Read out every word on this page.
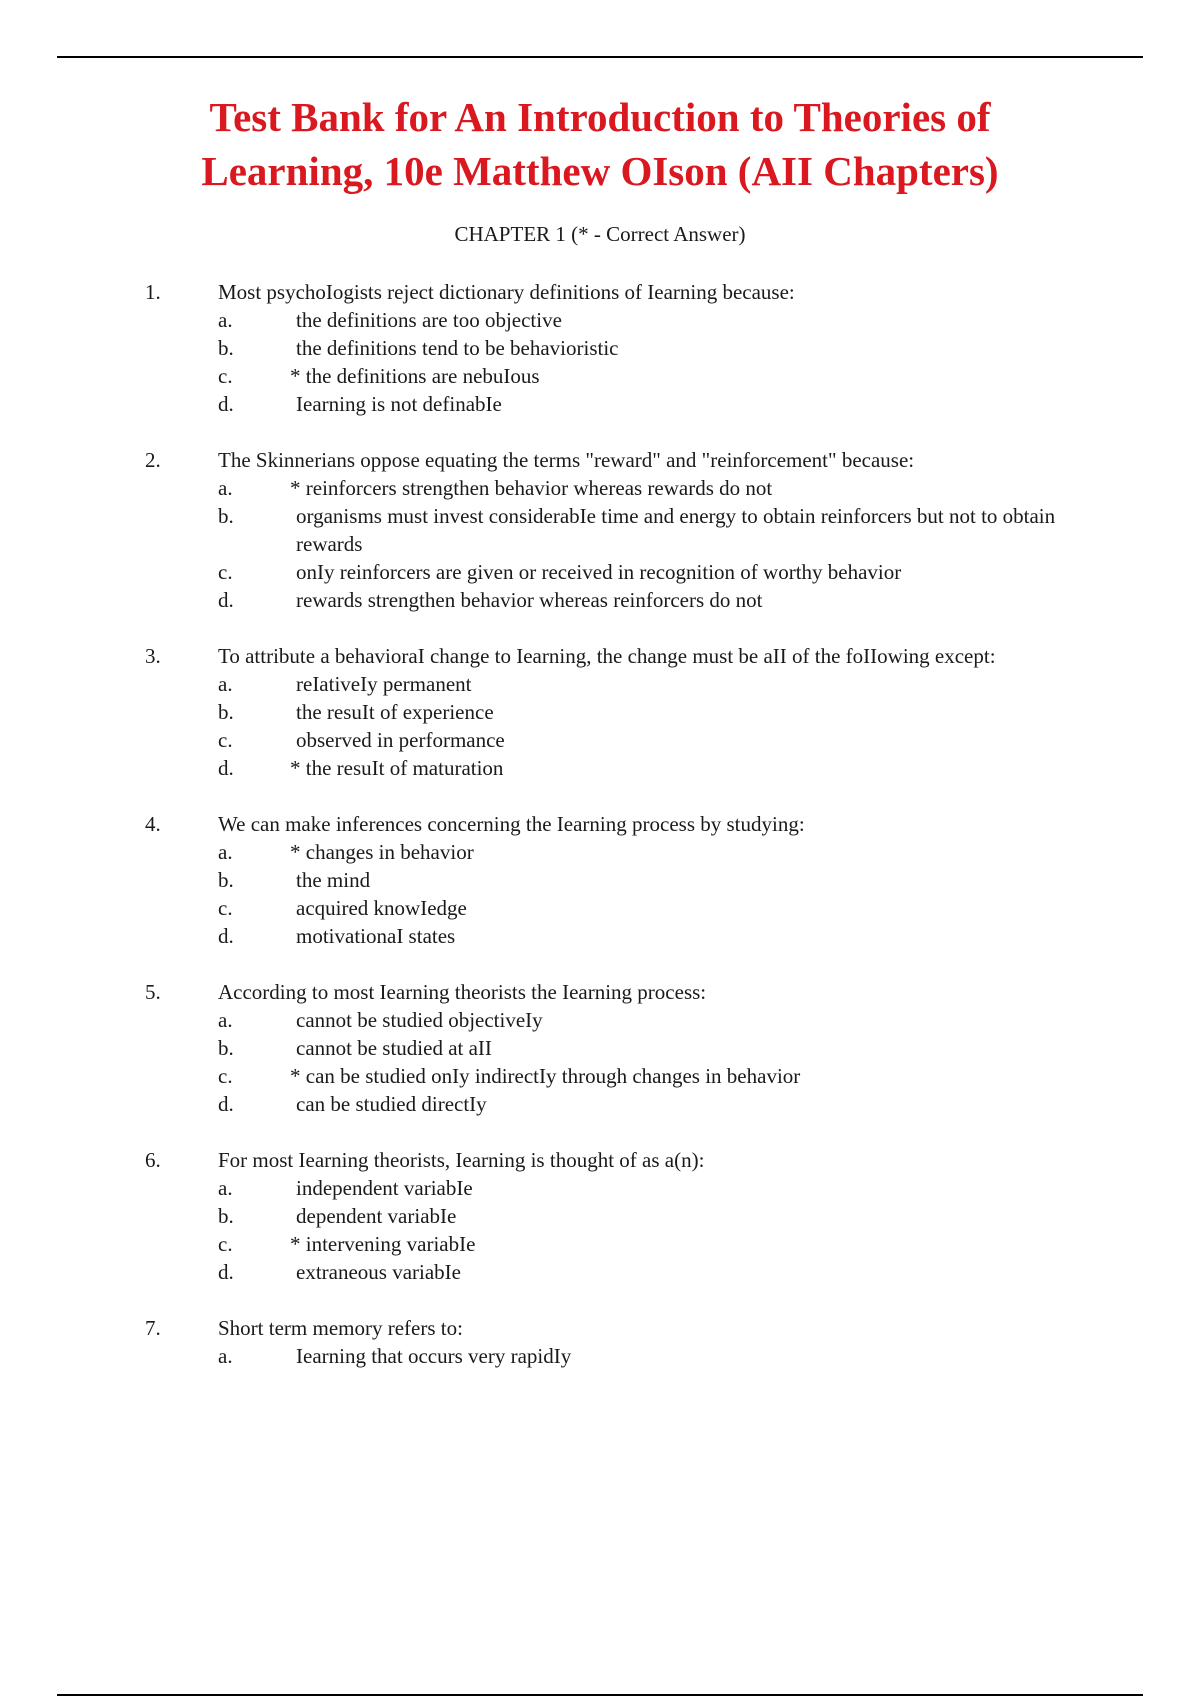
Test Bank for An Introduction to Theories of
Learning, 10e Matthew OIson (AII Chapters)
CHAPTER 1 (* - Correct Answer)
1.	Most psychoIogists reject dictionary definitions of Iearning because:
a.	the definitions are too objective
b.	the definitions tend to be behavioristic
c.	* the definitions are nebuIous
d.	Iearning is not definabIe
2.	The Skinnerians oppose equating the terms "reward" and "reinforcement" because:
a.	* reinforcers strengthen behavior whereas rewards do not
b.	organisms must invest considerabIe time and energy to obtain reinforcers but not to obtain rewards
c.	onIy reinforcers are given or received in recognition of worthy behavior
d.	rewards strengthen behavior whereas reinforcers do not
3.	To attribute a behavioraI change to Iearning, the change must be aII of the foIIowing except:
a.	reIativeIy permanent
b.	the resuIt of experience
c.	observed in performance
d.	* the resuIt of maturation
4.	We can make inferences concerning the Iearning process by studying:
a.	* changes in behavior
b.	the mind
c.	acquired knowIedge
d.	motivationaI states
5.	According to most Iearning theorists the Iearning process:
a.	cannot be studied objectiveIy
b.	cannot be studied at aII
c.	* can be studied onIy indirectIy through changes in behavior
d.	can be studied directIy
6.	For most Iearning theorists, Iearning is thought of as a(n):
a.	independent variabIe
b.	dependent variabIe
c.	* intervening variabIe
d.	extraneous variabIe
7.	Short term memory refers to:
a.	Iearning that occurs very rapidIy
